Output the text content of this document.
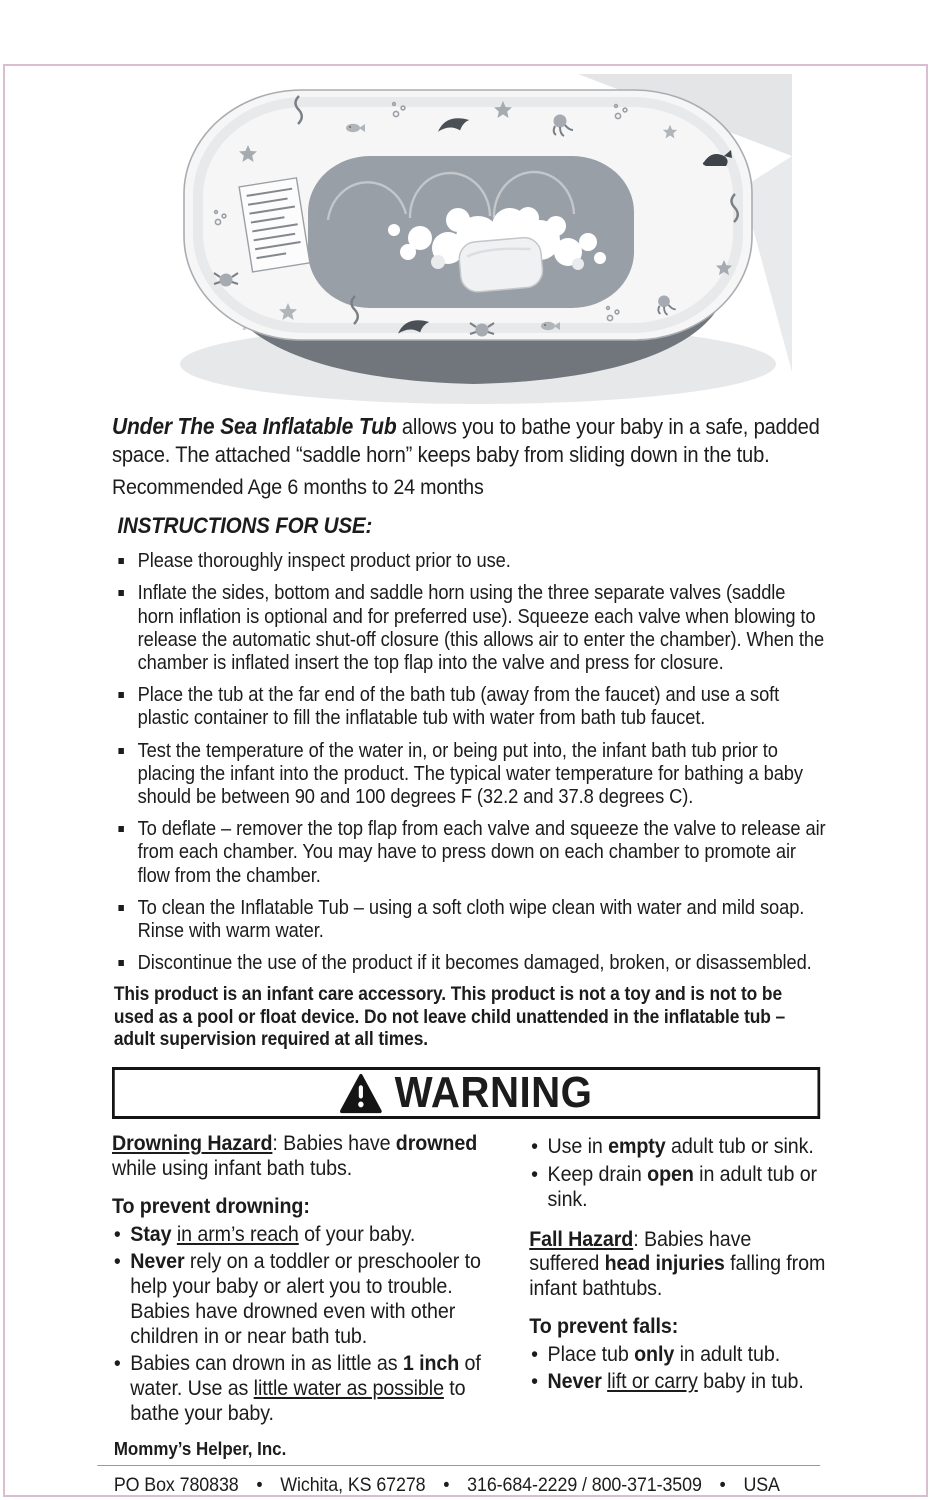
Under The Sea Inflatable Tub allows you to bathe your baby in a safe, padded space. The attached “saddle horn” keeps baby from sliding down in the tub.

Recommended Age 6 months to 24 months

INSTRUCTIONS FOR USE:
Please thoroughly inspect product prior to use.
Inflate the sides, bottom and saddle horn using the three separate valves (saddle horn inflation is optional and for preferred use). Squeeze each valve when blowing to release the automatic shut-off closure (this allows air to enter the chamber). When the chamber is inflated insert the top flap into the valve and press for closure.
Place the tub at the far end of the bath tub (away from the faucet) and use a soft plastic container to fill the inflatable tub with water from bath tub faucet.
Test the temperature of the water in, or being put into, the infant bath tub prior to placing the infant into the product. The typical water temperature for bathing a baby should be between 90 and 100 degrees F (32.2 and 37.8 degrees C).
To deflate – remover the top flap from each valve and squeeze the valve to release air from each chamber. You may have to press down on each chamber to promote air flow from the chamber.
To clean the Inflatable Tub – using a soft cloth wipe clean with water and mild soap. Rinse with warm water.
Discontinue the use of the product if it becomes damaged, broken, or disassembled.

This product is an infant care accessory. This product is not a toy and is not to be used as a pool or float device. Do not leave child unattended in the inflatable tub – adult supervision required at all times.

WARNING

Drowning Hazard: Babies have drowned while using infant bath tubs.

To prevent drowning:

• Stay in arm’s reach of your baby.
• Never rely on a toddler or preschooler to help your baby or alert you to trouble. Babies have drowned even with other children in or near bath tub.
• Babies can drown in as little as 1 inch of water. Use as little water as possible to bathe your baby.
• Use in empty adult tub or sink.
• Keep drain open in adult tub or sink.

Fall Hazard: Babies have suffered head injuries falling from infant bathtubs.

To prevent falls:

• Place tub only in adult tub.
• Never lift or carry baby in tub.

Mommy’s Helper, Inc.

PO Box 780838 • Wichita, KS 67278 • 316-684-2229 / 800-371-3509 • USA
